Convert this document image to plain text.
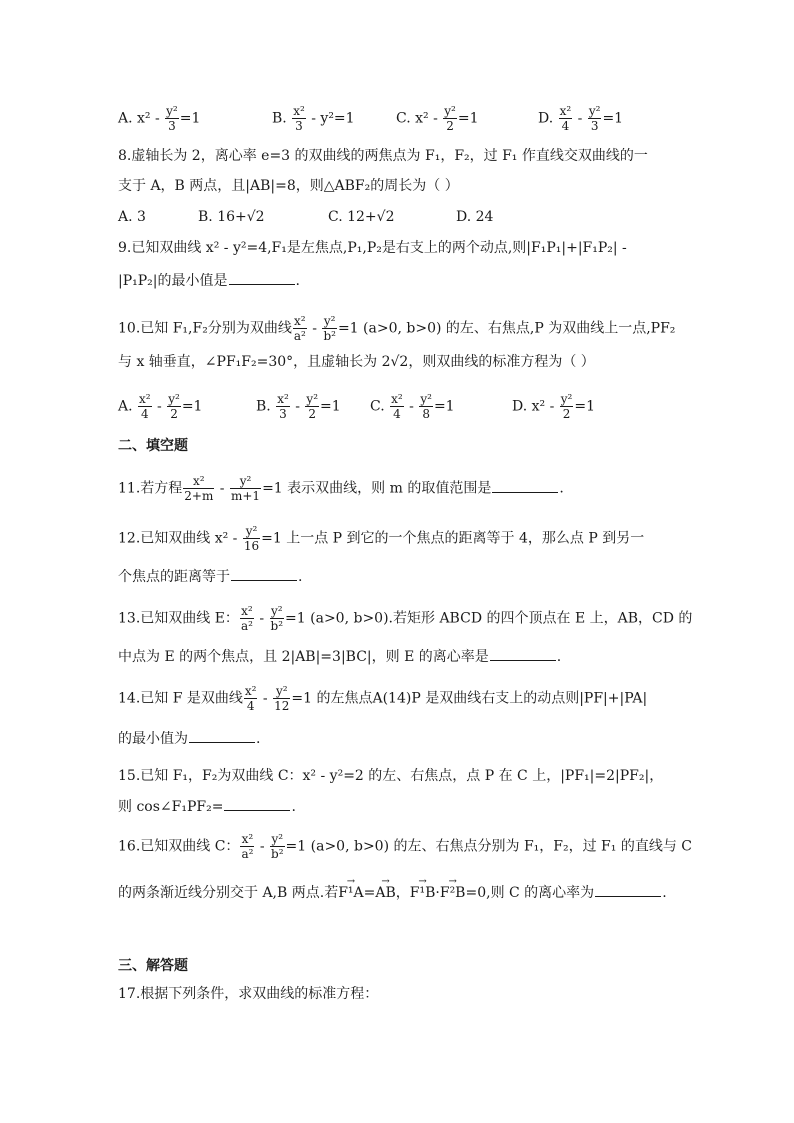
A. $x^2 - \frac{\text{y²}}{3} =1$	B. $\frac{\text{x²}}{3} - y^2=1$	C. $x^2 - \frac{\text{y²}}{2} =1$	D. $\frac{\text{x²}}{4} - \frac{\text{y²}}{3} =1$
8.虚轴长为 2，离心率 e=3 的双曲线的两焦点为 F₁，F₂，过 F₁ 作直线交双曲线的一
支于 A，B 两点，且|AB|=8，则△ABF₂的周长为（ ）
A. 3	B. 16+√2	C. 12+√2	D. 24
9.已知双曲线 x² - y²=4,F₁是左焦点,P₁,P₂是右支上的两个动点,则|F₁P₁|+|F₁P₂| -
|P₁P₂|的最小值是	.
10.已知 F₁,F₂分别为双曲线 $\frac{\text{x²}}{\text{a²}} - \frac{\text{y²}}{\text{b²}} =1$ (a>0, b>0) 的左、右焦点,P 为双曲线上一点,PF₂
与 x 轴垂直，∠PF₁F₂=30°，且虚轴长为 2√2，则双曲线的标准方程为（ ）
A. $\frac{\text{x²}}{4} - \frac{\text{y²}}{2} =1$	B. $\frac{\text{x²}}{3} - \frac{\text{y²}}{2} =1$ C. $\frac{\text{x²}}{4} - \frac{\text{y²}}{8} =1$	D. $x^2 - \frac{\text{y²}}{2} =1$
二、填空题
11.若方程 $\frac{\text{x²}}{2+m} - \frac{\text{y²}}{m+1} =1$ 表示双曲线，则 m 的取值范围是	.
12.已知双曲线 $x^2 - \frac{\text{y²}}{16} =1$ 上一点 P 到它的一个焦点的距离等于 4，那么点 P 到另一
个焦点的距离等于	.
13.已知双曲线 E： $\frac{\text{x²}}{\text{a²}} - \frac{\text{y²}}{\text{b²}} =1$ (a>0, b>0).若矩形 ABCD 的四个顶点在 E 上，AB，CD 的
中点为 E 的两个焦点，且 2|AB|=3|BC|，则 E 的离心率是	.
14.已知 F 是双曲线 $\frac{\text{x²}}{4} - \frac{\text{y²}}{12} =1$ 的左焦点A(14)P 是双曲线右支上的动点则|PF|+|PA|
的最小值为	.
15.已知 F₁，F₂为双曲线 C：x² - y²=2 的左、右焦点，点 P 在 C 上，|PF₁|=2|PF₂|，
则 cos∠F₁PF₂=	.
16.已知双曲线 C： $\frac{\text{x²}}{\text{a²}} - \frac{\text{y²}}{\text{b²}} =1$ (a>0, b>0) 的左、右焦点分别为 F₁，F₂，过 F₁ 的直线与 C
的两条渐近线分别交于 A,B 两点.若→ F¹A=→ AB，→ F¹B·→ F²B=0,则 C 的离心率为	.
三、解答题
17.根据下列条件，求双曲线的标准方程：
